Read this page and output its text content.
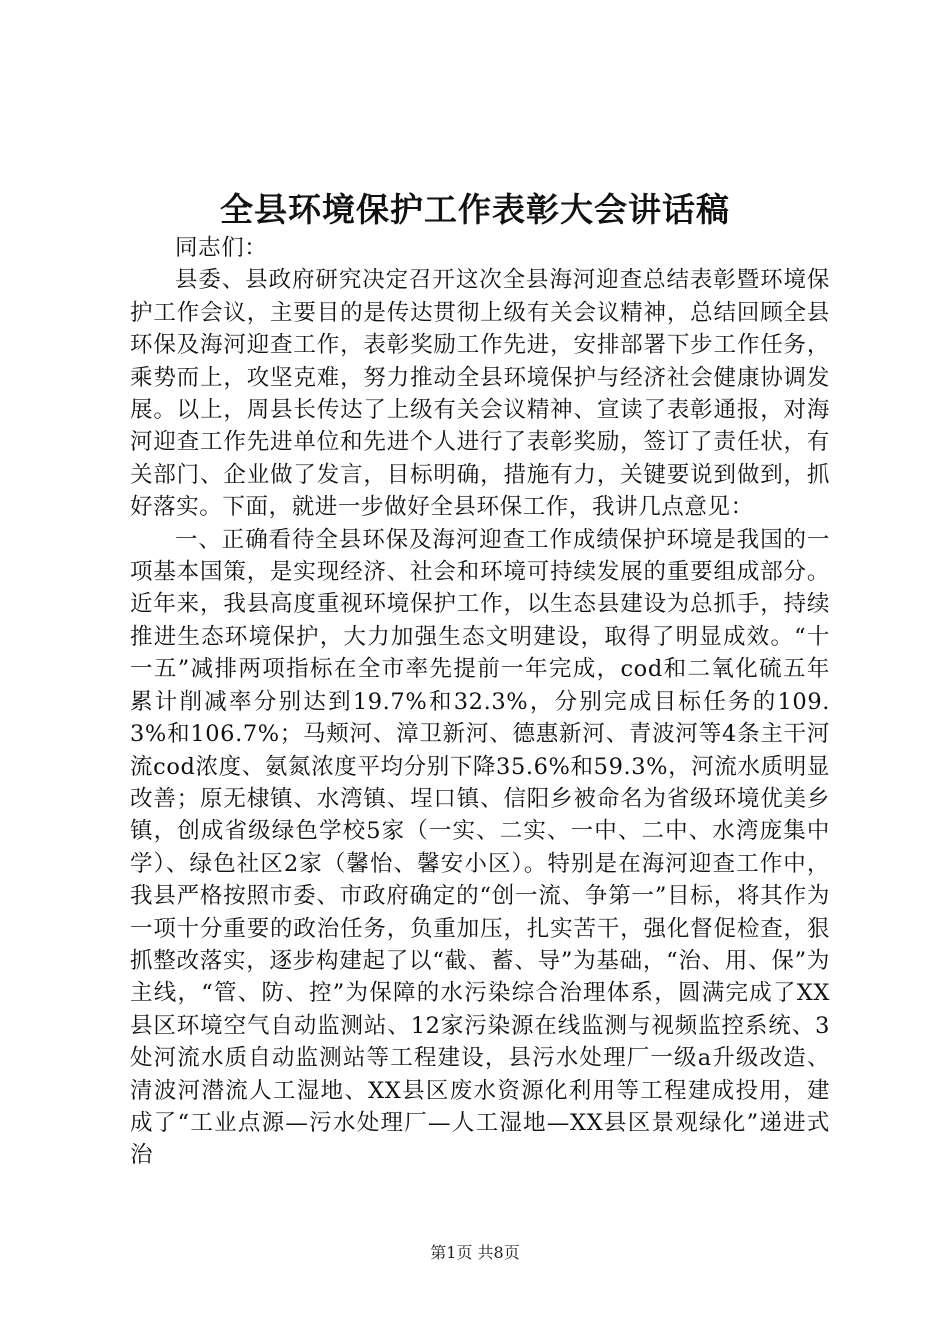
全县环境保护工作表彰大会讲话稿

同志们：

县委、县政府研究决定召开这次全县海河迎查总结表彰暨环境保护工作会议，主要目的是传达贯彻上级有关会议精神，总结回顾全县环保及海河迎查工作，表彰奖励工作先进，安排部署下步工作任务，乘势而上，攻坚克难，努力推动全县环境保护与经济社会健康协调发展。以上，周县长传达了上级有关会议精神、宣读了表彰通报，对海河迎查工作先进单位和先进个人进行了表彰奖励，签订了责任状，有关部门、企业做了发言，目标明确，措施有力，关键要说到做到，抓好落实。下面，就进一步做好全县环保工作，我讲几点意见：

一、正确看待全县环保及海河迎查工作成绩保护环境是我国的一项基本国策，是实现经济、社会和环境可持续发展的重要组成部分。近年来，我县高度重视环境保护工作，以生态县建设为总抓手，持续推进生态环境保护，大力加强生态文明建设，取得了明显成效。“十一五”减排两项指标在全市率先提前一年完成，cod和二氧化硫五年累计削减率分别达到19.7%和32.3%，分别完成目标任务的109.3%和106.7%；马颊河、漳卫新河、德惠新河、青波河等4条主干河流cod浓度、氨氮浓度平均分别下降35.6%和59.3%，河流水质明显改善；原无棣镇、水湾镇、埕口镇、信阳乡被命名为省级环境优美乡镇，创成省级绿色学校5家（一实、二实、一中、二中、水湾庞集中学）、绿色社区2家（馨怡、馨安小区）。特别是在海河迎查工作中，我县严格按照市委、市政府确定的“创一流、争第一”目标，将其作为一项十分重要的政治任务，负重加压，扎实苦干，强化督促检查，狠抓整改落实，逐步构建起了以“截、蓄、导”为基础，“治、用、保”为主线，“管、防、控”为保障的水污染综合治理体系，圆满完成了XX县区环境空气自动监测站、12家污染源在线监测与视频监控系统、3处河流水质自动监测站等工程建设，县污水处理厂一级a升级改造、清波河潜流人工湿地、XX县区废水资源化利用等工程建成投用，建成了“工业点源—污水处理厂—人工湿地—XX县区景观绿化”递进式治

第1页 共8页
